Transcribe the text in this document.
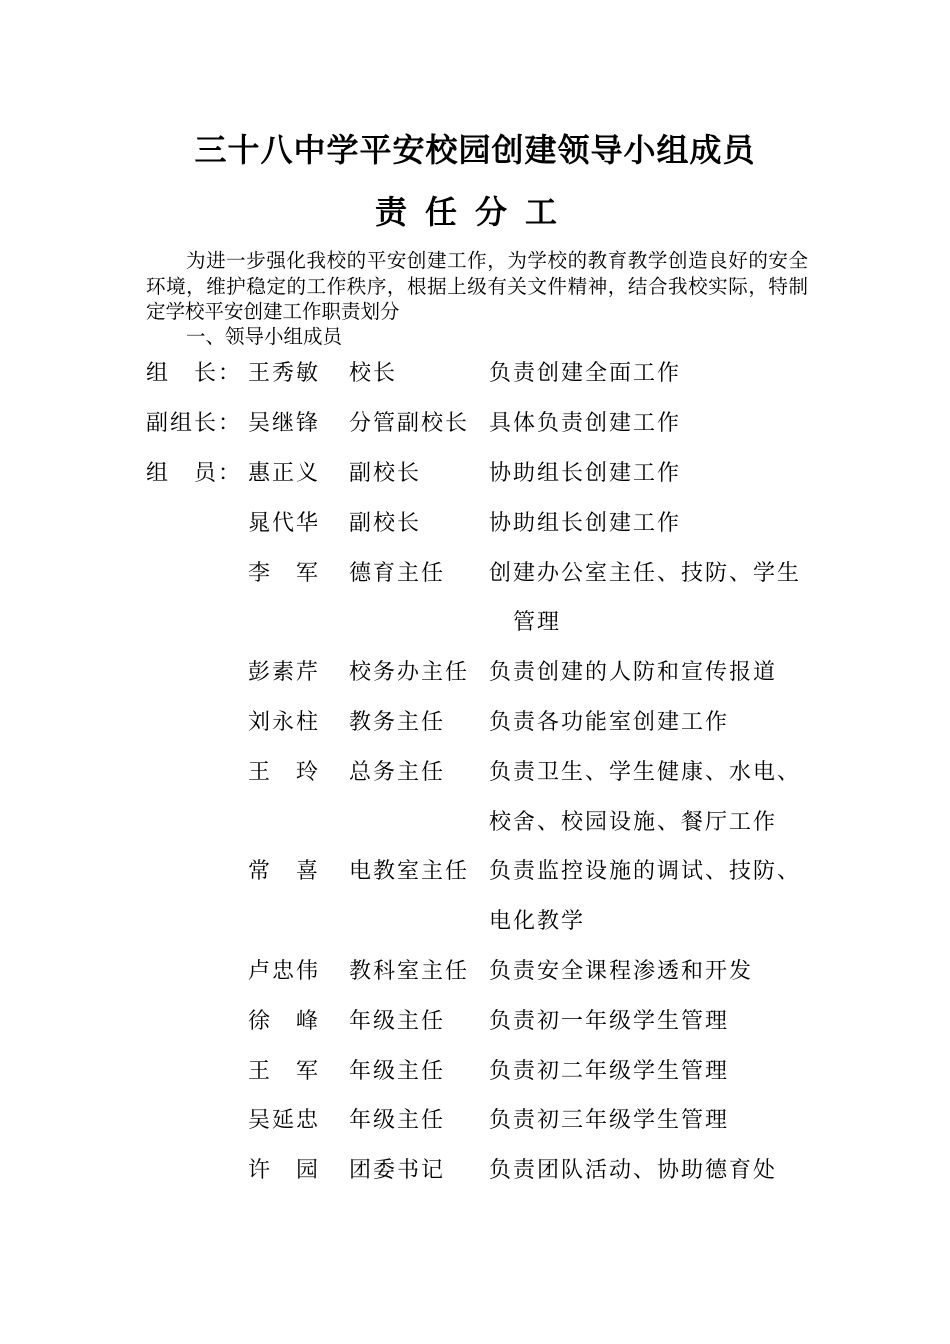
三十八中学平安校园创建领导小组成员
责任分工
为进一步强化我校的平安创建工作，为学校的教育教学创造良好的安全环境，维护稳定的工作秩序，根据上级有关文件精神，结合我校实际，特制定学校平安创建工作职责划分
一、领导小组成员
组　长： 王秀敏 校长	负责创建全面工作
副组长： 吴继锋 分管副校长 具体负责创建工作
组　员： 惠正义 副校长	协助组长创建工作
晁代华 副校长	协助组长创建工作
李　军 德育主任 创建办公室主任、技防、学生
　管理
彭素芹 校务办主任 负责创建的人防和宣传报道
刘永柱 教务主任 负责各功能室创建工作
王　玲 总务主任 负责卫生、学生健康、水电、
校舍、校园设施、餐厅工作
常　喜 电教室主任 负责监控设施的调试、技防、
电化教学
卢忠伟 教科室主任 负责安全课程渗透和开发
徐　峰 年级主任 负责初一年级学生管理
王　军 年级主任 负责初二年级学生管理
吴延忠 年级主任 负责初三年级学生管理
许　园 团委书记 负责团队活动、协助德育处
